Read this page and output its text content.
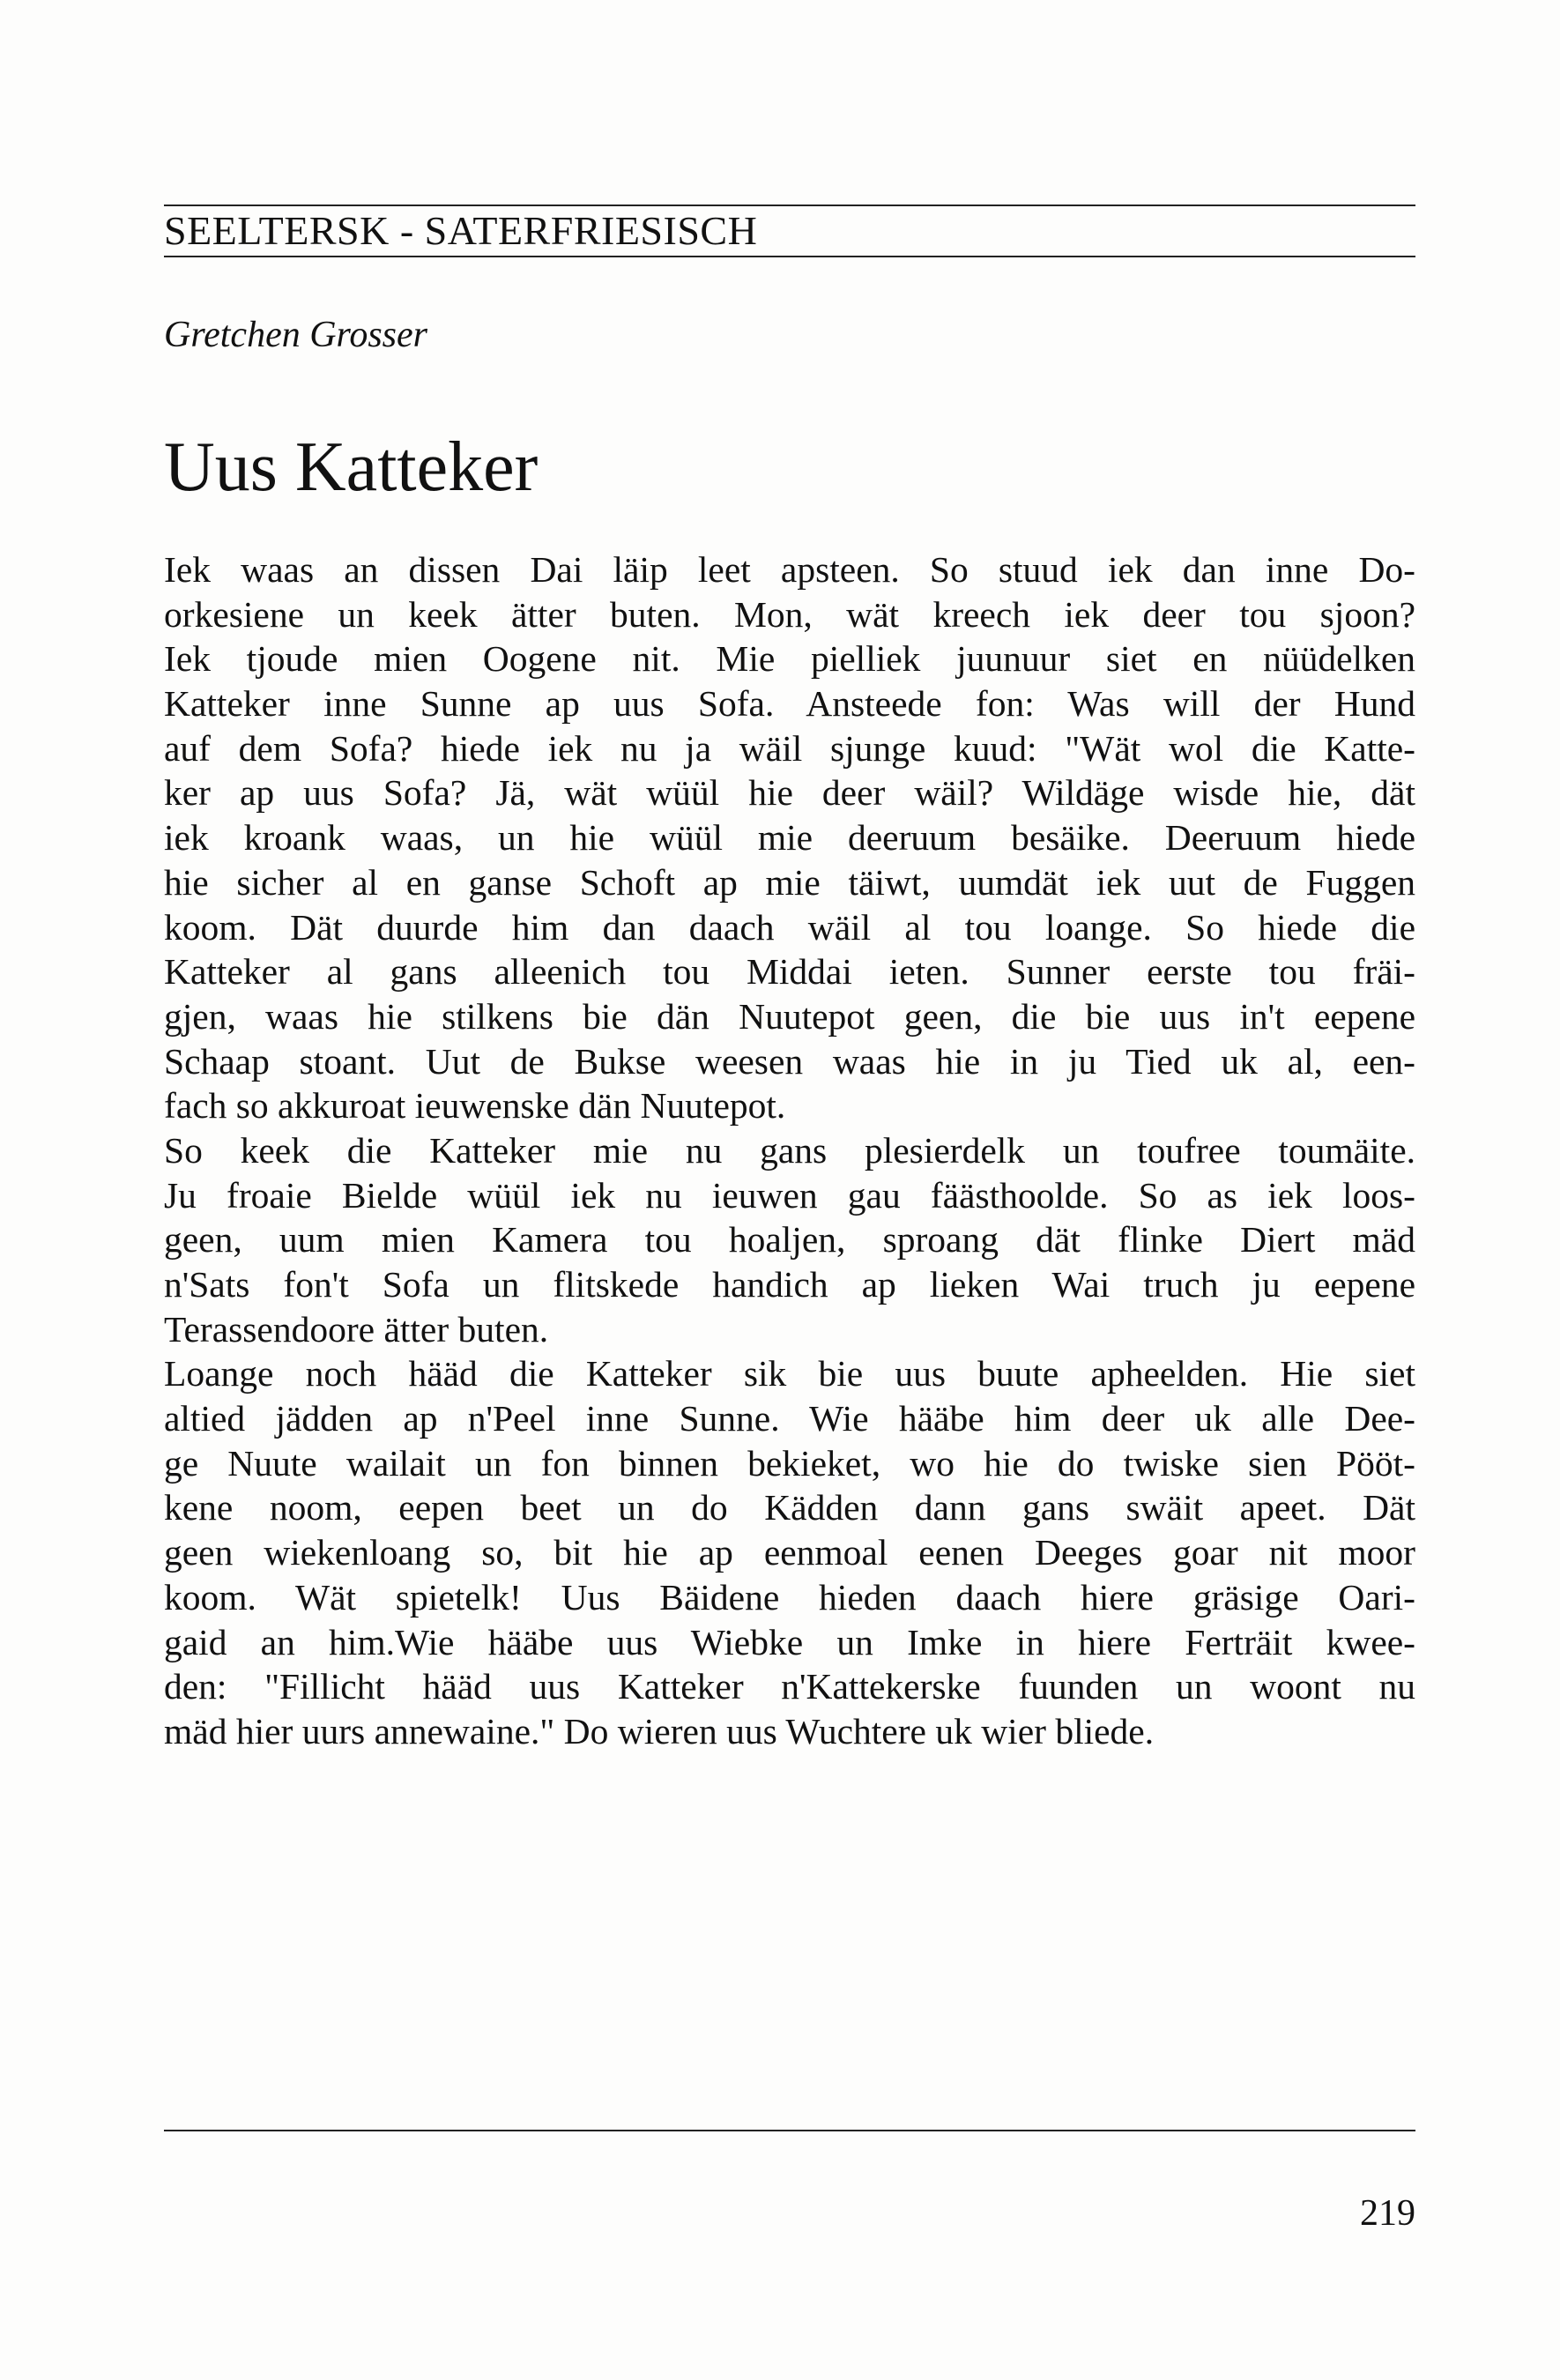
SEELTERSK - SATERFRIESISCH
Gretchen Grosser
Uus Katteker
Iek waas an dissen Dai läip leet apsteen. So stuud iek dan inne Do-
orkesiene un keek ätter buten. Mon, wät kreech iek deer tou sjoon?
Iek tjoude mien Oogene nit. Mie pielliek juunuur siet en nüüdelken
Katteker inne Sunne ap uus Sofa. Ansteede fon: Was will der Hund
auf dem Sofa? hiede iek nu ja wäil sjunge kuud: "Wät wol die Katte-
ker ap uus Sofa? Jä, wät wüül hie deer wäil? Wildäge wisde hie, dät
iek kroank waas, un hie wüül mie deeruum besäike. Deeruum hiede
hie sicher al en ganse Schoft ap mie täiwt, uumdät iek uut de Fuggen
koom. Dät duurde him dan daach wäil al tou loange. So hiede die
Katteker al gans alleenich tou Middai ieten. Sunner eerste tou fräi-
gjen, waas hie stilkens bie dän Nuutepot geen, die bie uus in't eepene
Schaap stoant. Uut de Bukse weesen waas hie in ju Tied uk al, een-
fach so akkuroat ieuwenske dän Nuutepot.
So keek die Katteker mie nu gans plesierdelk un toufree toumäite.
Ju froaie Bielde wüül iek nu ieuwen gau fäästhoolde. So as iek loos-
geen, uum mien Kamera tou hoaljen, sproang dät flinke Diert mäd
n'Sats fon't Sofa un flitskede handich ap lieken Wai truch ju eepene
Terassendoore ätter buten.
Loange noch hääd die Katteker sik bie uus buute apheelden. Hie siet
altied jädden ap n'Peel inne Sunne. Wie hääbe him deer uk alle Dee-
ge Nuute wailait un fon binnen bekieket, wo hie do twiske sien Pööt-
kene noom, eepen beet un do Kädden dann gans swäit apeet. Dät
geen wiekenloang so, bit hie ap eenmoal eenen Deeges goar nit moor
koom. Wät spietelk! Uus Bäidene hieden daach hiere gräsige Oari-
gaid an him.Wie hääbe uus Wiebke un Imke in hiere Ferträit kwee-
den: "Fillicht hääd uus Katteker n'Kattekerske fuunden un woont nu
mäd hier uurs annewaine." Do wieren uus Wuchtere uk wier bliede.
219
